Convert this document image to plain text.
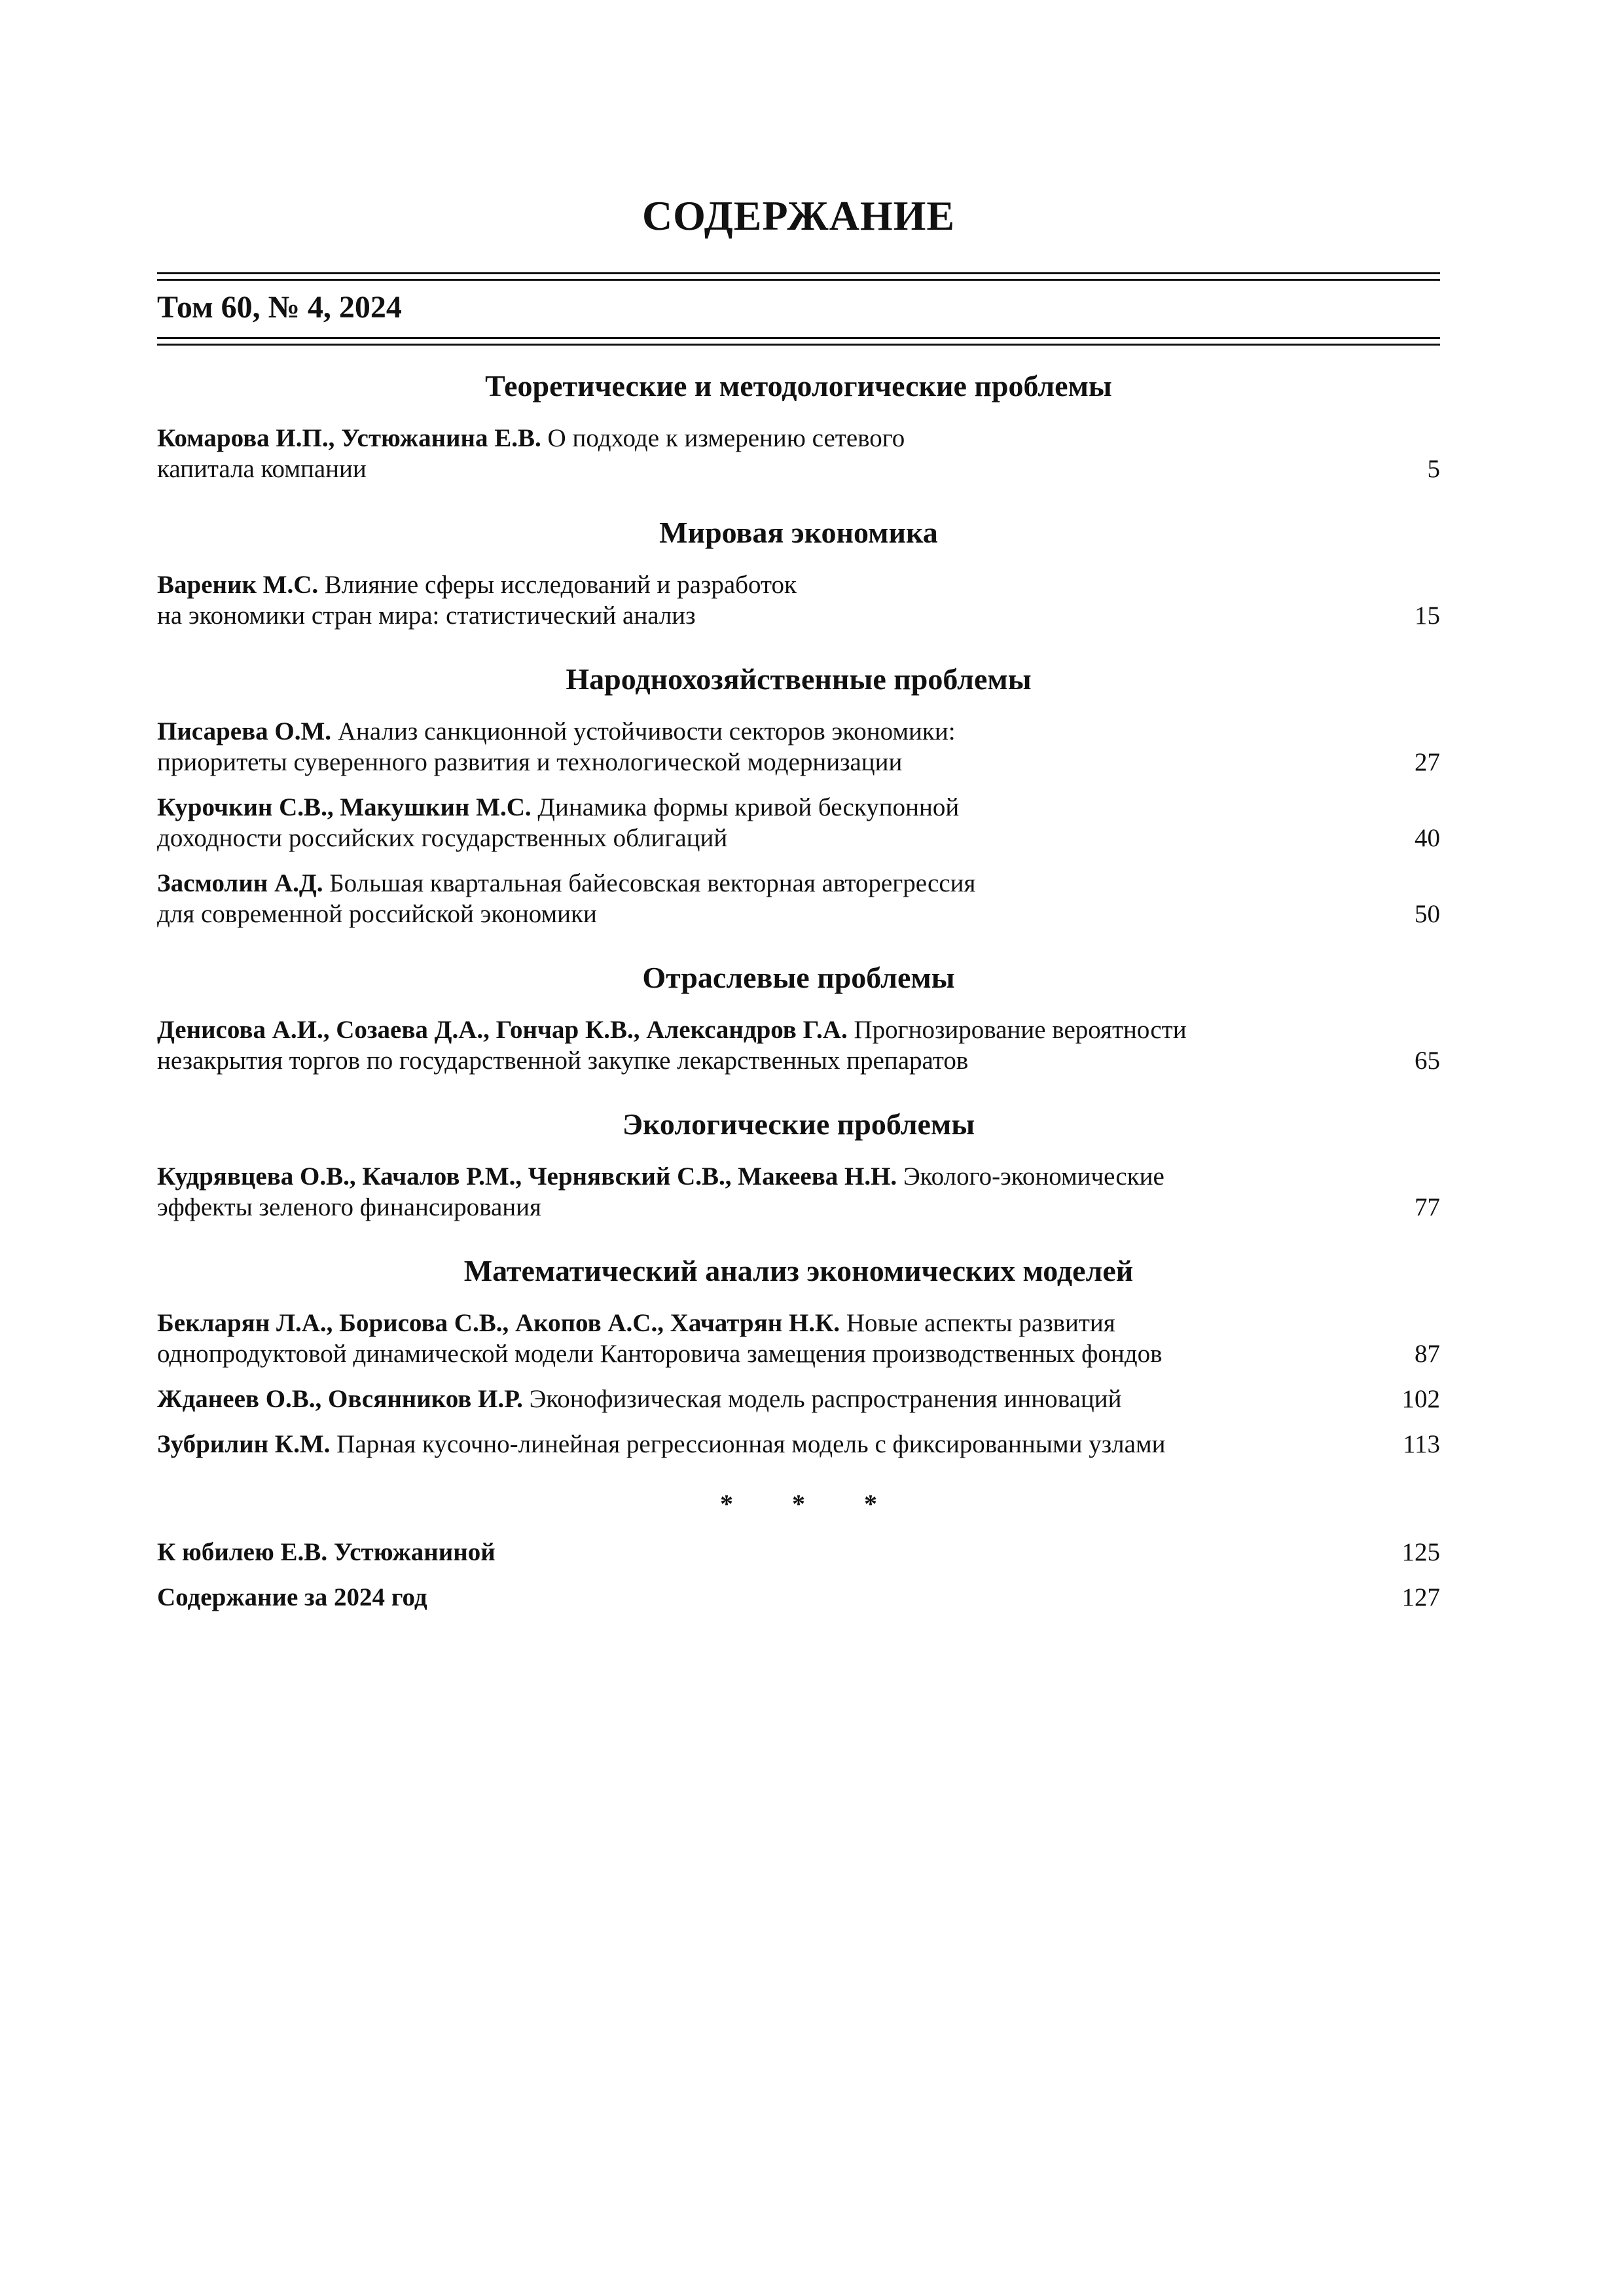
СОДЕРЖАНИЕ
Том 60, № 4, 2024
Теоретические и методологические проблемы
Комарова И.П., Устюжанина Е.В. О подходе к измерению сетевого
капитала компании	5
Мировая экономика
Вареник М.С. Влияние сферы исследований и разработок
на экономики стран мира: статистический анализ	15
Народнохозяйственные проблемы
Писарева О.М. Анализ санкционной устойчивости секторов экономики:
приоритеты суверенного развития и технологической модернизации	27
Курочкин С.В., Макушкин М.С. Динамика формы кривой бескупонной
доходности российских государственных облигаций	40
Засмолин А.Д. Большая квартальная байесовская векторная авторегрессия
для современной российской экономики	50
Отраслевые проблемы
Денисова А.И., Созаева Д.А., Гончар К.В., Александров Г.А. Прогнозирование вероятности
незакрытия торгов по государственной закупке лекарственных препаратов	65
Экологические проблемы
Кудрявцева О.В., Качалов Р.М., Чернявский С.В., Макеева Н.Н. Эколого-экономические
эффекты зеленого финансирования	77
Математический анализ экономических моделей
Бекларян Л.А., Борисова С.В., Акопов А.С., Хачатрян Н.К. Новые аспекты развития
однопродуктовой динамической модели Канторовича замещения производственных фондов	87
Жданеев О.В., Овсянников И.Р. Эконофизическая модель распространения инноваций	102
Зубрилин К.М. Парная кусочно-линейная регрессионная модель с фиксированными узлами	113
* * *
К юбилею Е.В. Устюжаниной	125
Содержание за 2024 год	127
